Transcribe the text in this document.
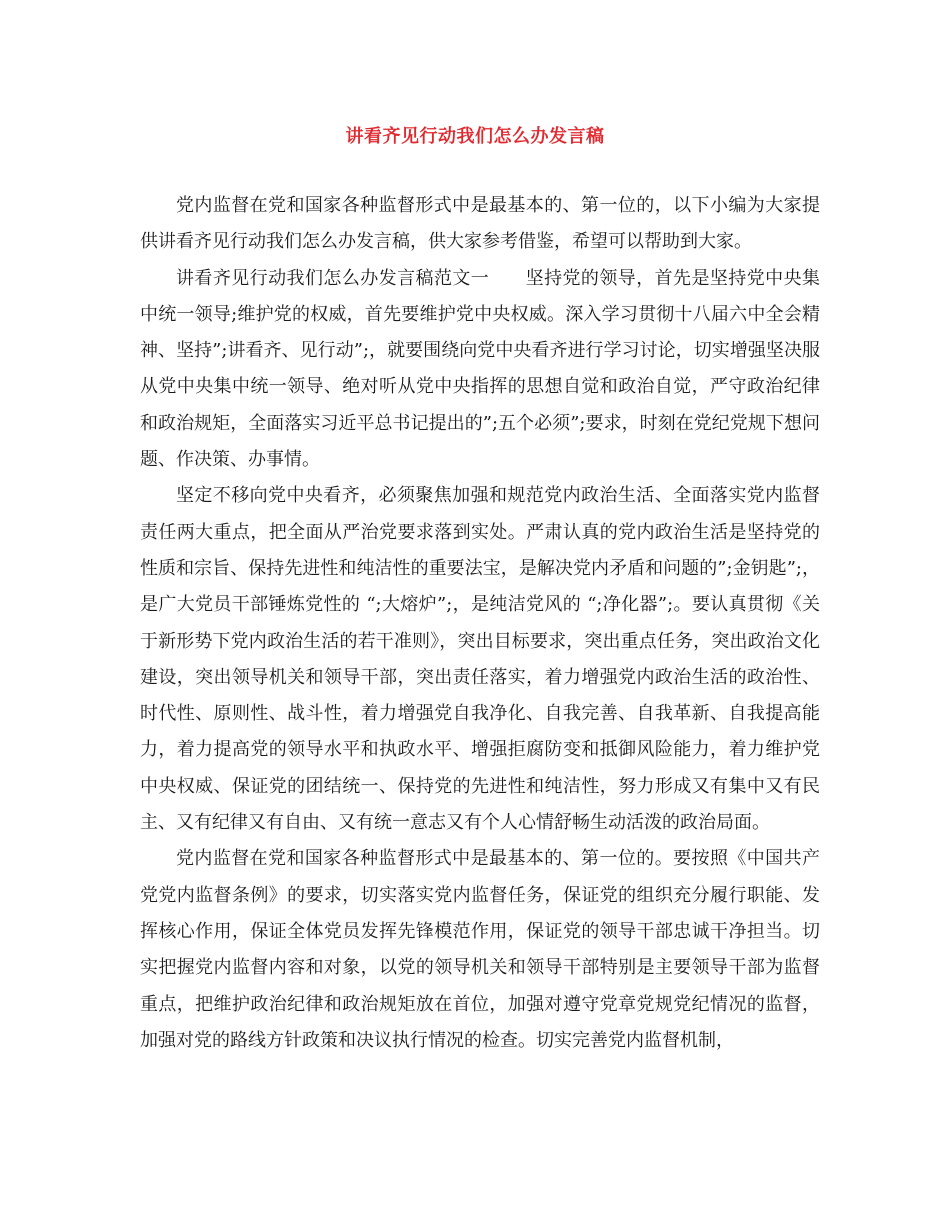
讲看齐见行动我们怎么办发言稿

党内监督在党和国家各种监督形式中是最基本的、第一位的，以下小编为大家提供讲看齐见行动我们怎么办发言稿，供大家参考借鉴，希望可以帮助到大家。

讲看齐见行动我们怎么办发言稿范文一 坚持党的领导，首先是坚持党中央集中统一领导;维护党的权威，首先要维护党中央权威。深入学习贯彻十八届六中全会精神、坚持”;讲看齐、见行动”;，就要围绕向党中央看齐进行学习讨论，切实增强坚决服从党中央集中统一领导、绝对听从党中央指挥的思想自觉和政治自觉，严守政治纪律和政治规矩，全面落实习近平总书记提出的”;五个必须”;要求，时刻在党纪党规下想问题、作决策、办事情。

坚定不移向党中央看齐，必须聚焦加强和规范党内政治生活、全面落实党内监督责任两大重点，把全面从严治党要求落到实处。严肃认真的党内政治生活是坚持党的性质和宗旨、保持先进性和纯洁性的重要法宝，是解决党内矛盾和问题的”;金钥匙”;，是广大党员干部锤炼党性的 “;大熔炉”;，是纯洁党风的 “;净化器”;。要认真贯彻《关于新形势下党内政治生活的若干准则》，突出目标要求，突出重点任务，突出政治文化建设，突出领导机关和领导干部，突出责任落实，着力增强党内政治生活的政治性、时代性、原则性、战斗性，着力增强党自我净化、自我完善、自我革新、自我提高能力，着力提高党的领导水平和执政水平、增强拒腐防变和抵御风险能力，着力维护党中央权威、保证党的团结统一、保持党的先进性和纯洁性，努力形成又有集中又有民主、又有纪律又有自由、又有统一意志又有个人心情舒畅生动活泼的政治局面。

党内监督在党和国家各种监督形式中是最基本的、第一位的。要按照《中国共产党党内监督条例》的要求，切实落实党内监督任务，保证党的组织充分履行职能、发挥核心作用，保证全体党员发挥先锋模范作用，保证党的领导干部忠诚干净担当。切实把握党内监督内容和对象，以党的领导机关和领导干部特别是主要领导干部为监督重点，把维护政治纪律和政治规矩放在首位，加强对遵守党章党规党纪情况的监督，加强对党的路线方针政策和决议执行情况的检查。切实完善党内监督机制，
